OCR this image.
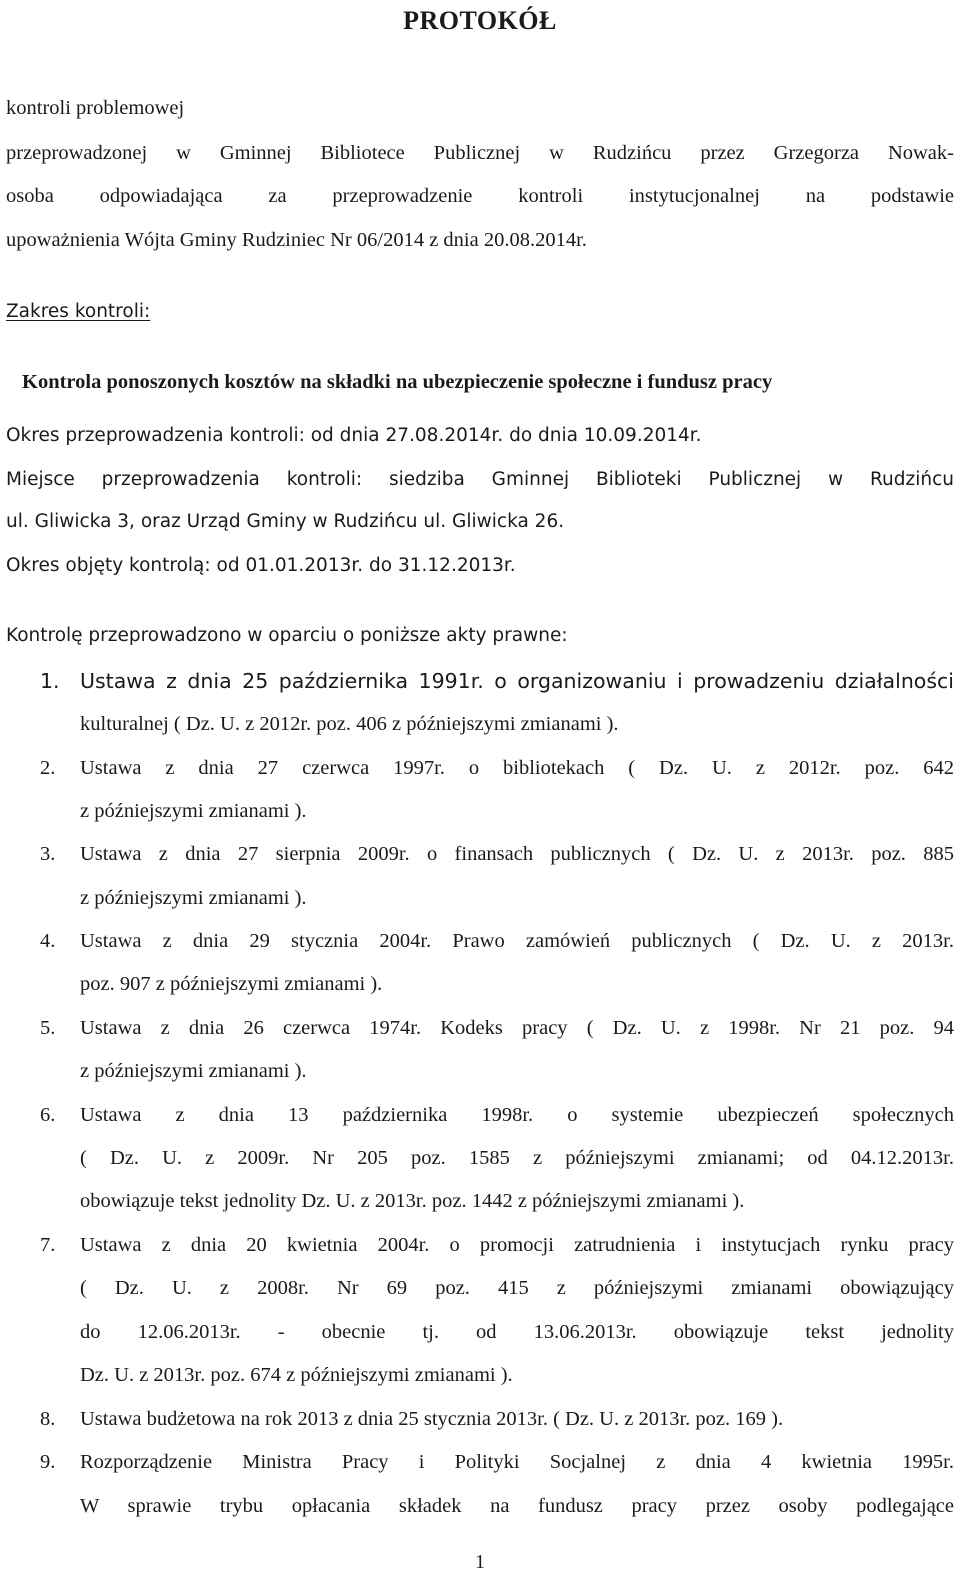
PROTOKÓŁ
kontroli problemowej
przeprowadzonej w Gminnej Bibliotece Publicznej w Rudzińcu przez Grzegorza Nowak-
osoba odpowiadająca za przeprowadzenie kontroli instytucjonalnej na podstawie
upoważnienia Wójta Gminy Rudziniec Nr 06/2014 z dnia 20.08.2014r.
Zakres kontroli:
Kontrola ponoszonych kosztów na składki na ubezpieczenie społeczne i fundusz pracy
Okres przeprowadzenia kontroli: od dnia 27.08.2014r. do dnia 10.09.2014r.
Miejsce przeprowadzenia kontroli: siedziba Gminnej Biblioteki Publicznej w Rudzińcu
ul. Gliwicka 3, oraz Urząd Gminy w Rudzińcu ul. Gliwicka 26.
Okres objęty kontrolą: od 01.01.2013r. do 31.12.2013r.
Kontrolę przeprowadzono w oparciu o poniższe akty prawne:
1. Ustawa z dnia 25 października 1991r. o organizowaniu i prowadzeniu działalności
kulturalnej ( Dz. U. z 2012r. poz. 406 z późniejszymi zmianami ).
2.	Ustawa z dnia 27 czerwca 1997r. o bibliotekach ( Dz. U. z 2012r. poz. 642
z późniejszymi zmianami ).
3.	Ustawa z dnia 27 sierpnia 2009r. o finansach publicznych ( Dz. U. z 2013r. poz. 885
z późniejszymi zmianami ).
4.	Ustawa z dnia 29 stycznia 2004r. Prawo zamówień publicznych ( Dz. U. z 2013r.
poz. 907 z późniejszymi zmianami ).
5.	Ustawa z dnia 26 czerwca 1974r. Kodeks pracy ( Dz. U. z 1998r. Nr 21 poz. 94
z późniejszymi zmianami ).
6.	Ustawa z dnia 13 października 1998r. o systemie ubezpieczeń społecznych
( Dz. U. z 2009r. Nr 205 poz. 1585 z późniejszymi zmianami; od 04.12.2013r.
obowiązuje tekst jednolity Dz. U. z 2013r. poz. 1442 z późniejszymi zmianami ).
7.	Ustawa z dnia 20 kwietnia 2004r. o promocji zatrudnienia i instytucjach rynku pracy
( Dz. U. z 2008r. Nr 69 poz. 415 z późniejszymi zmianami obowiązujący
do 12.06.2013r. - obecnie tj. od 13.06.2013r. obowiązuje tekst jednolity
Dz. U. z 2013r. poz. 674 z późniejszymi zmianami ).
8.	Ustawa budżetowa na rok 2013 z dnia 25 stycznia 2013r. ( Dz. U. z 2013r. poz. 169 ).
9.	Rozporządzenie Ministra Pracy i Polityki Socjalnej z dnia 4 kwietnia 1995r.
W sprawie trybu opłacania składek na fundusz pracy przez osoby podlegające
1
